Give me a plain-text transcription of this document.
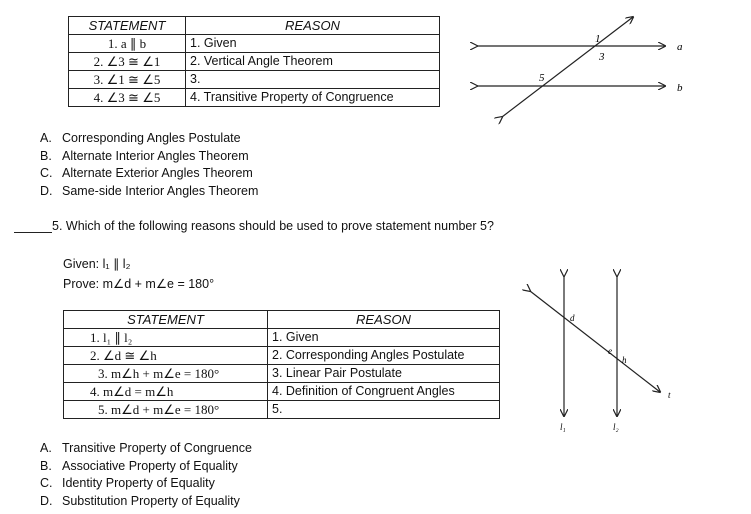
STATEMENT	REASON
1. a ∥ b	1. Given
2. ∠3 ≅ ∠1	2. Vertical Angle Theorem
3. ∠1 ≅ ∠5	3.
4. ∠3 ≅ ∠5	4. Transitive Property of Congruence
1
3
5
a
b
A. Corresponding Angles Postulate
B. Alternate Interior Angles Theorem
C. Alternate Exterior Angles Theorem
D. Same-side Interior Angles Theorem
5. Which of the following reasons should be used to prove statement number 5?
Given: l₁ ∥ l₂
Prove: m∠d + m∠e = 180°
STATEMENT	REASON
1. l₁ ∥ l₂	1. Given
2. ∠d ≅ ∠h	2. Corresponding Angles Postulate
3. m∠h + m∠e = 180°	3. Linear Pair Postulate
4. m∠d = m∠h	4. Definition of Congruent Angles
5. m∠d + m∠e = 180°	5.
d
e
h
t
l₁	l₂
A. Transitive Property of Congruence
B. Associative Property of Equality
C. Identity Property of Equality
D. Substitution Property of Equality
